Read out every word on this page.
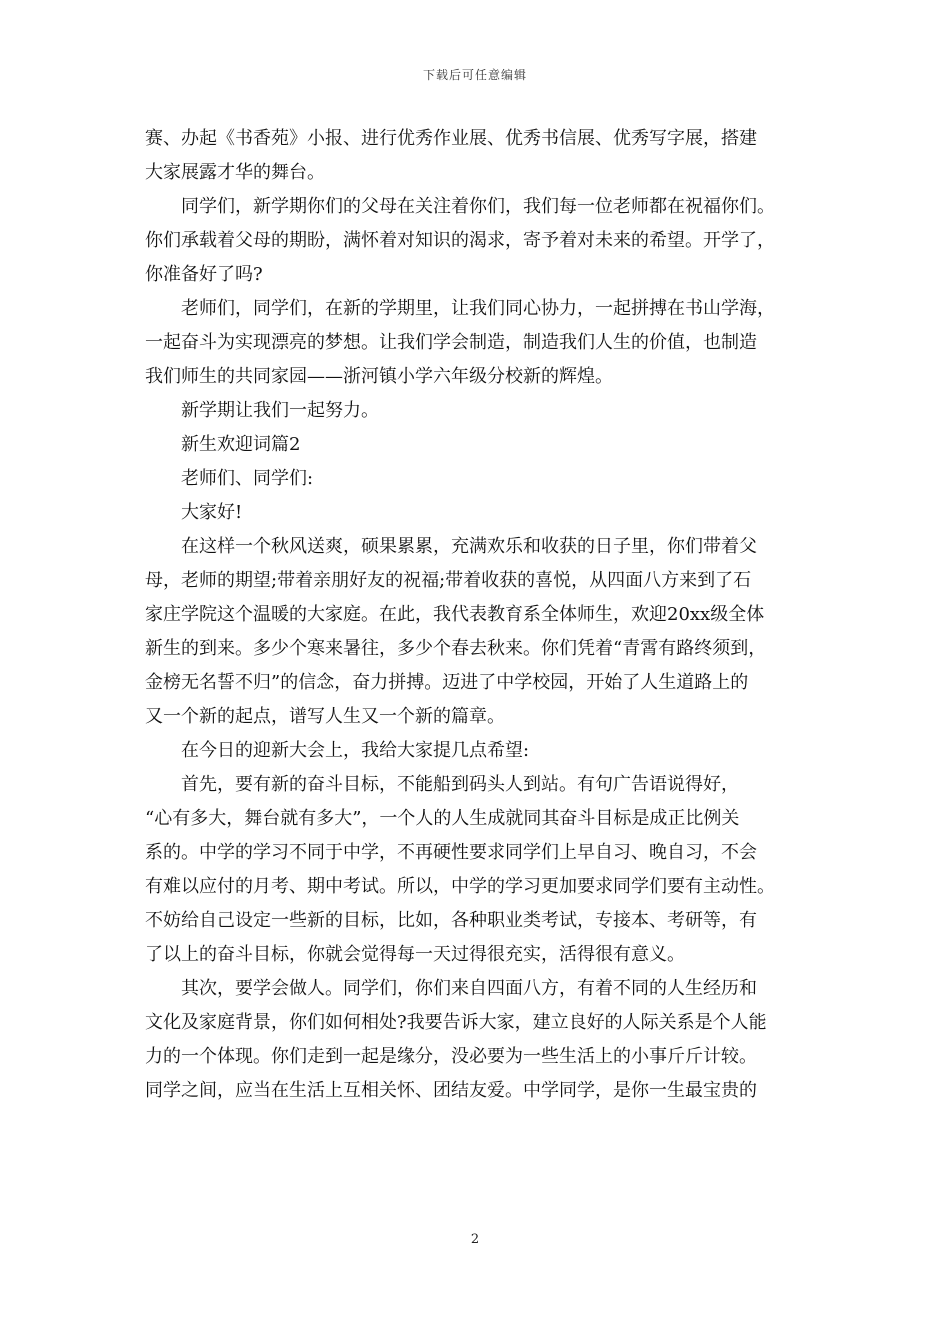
下载后可任意编辑
赛、办起《书香苑》小报、进行优秀作业展、优秀书信展、优秀写字展，搭建
大家展露才华的舞台。
同学们，新学期你们的父母在关注着你们，我们每一位老师都在祝福你们。
你们承载着父母的期盼，满怀着对知识的渴求，寄予着对未来的希望。开学了，
你准备好了吗?
老师们，同学们，在新的学期里，让我们同心协力，一起拼搏在书山学海，
一起奋斗为实现漂亮的梦想。让我们学会制造，制造我们人生的价值，也制造
我们师生的共同家园——浙河镇小学六年级分校新的辉煌。
新学期让我们一起努力。
新生欢迎词篇2
老师们、同学们:
大家好!
在这样一个秋风送爽，硕果累累，充满欢乐和收获的日子里，你们带着父
母，老师的期望;带着亲朋好友的祝福;带着收获的喜悦，从四面八方来到了石
家庄学院这个温暖的大家庭。在此，我代表教育系全体师生，欢迎20xx级全体
新生的到来。多少个寒来暑往，多少个春去秋来。你们凭着“青霄有路终须到，
金榜无名誓不归”的信念，奋力拼搏。迈进了中学校园，开始了人生道路上的
又一个新的起点，谱写人生又一个新的篇章。
在今日的迎新大会上，我给大家提几点希望:
首先，要有新的奋斗目标，不能船到码头人到站。有句广告语说得好，
“心有多大，舞台就有多大”，一个人的人生成就同其奋斗目标是成正比例关
系的。中学的学习不同于中学，不再硬性要求同学们上早自习、晚自习，不会
有难以应付的月考、期中考试。所以，中学的学习更加要求同学们要有主动性。
不妨给自己设定一些新的目标，比如，各种职业类考试，专接本、考研等，有
了以上的奋斗目标，你就会觉得每一天过得很充实，活得很有意义。
其次，要学会做人。同学们，你们来自四面八方，有着不同的人生经历和
文化及家庭背景，你们如何相处?我要告诉大家，建立良好的人际关系是个人能
力的一个体现。你们走到一起是缘分，没必要为一些生活上的小事斤斤计较。
同学之间，应当在生活上互相关怀、团结友爱。中学同学，是你一生最宝贵的
2
